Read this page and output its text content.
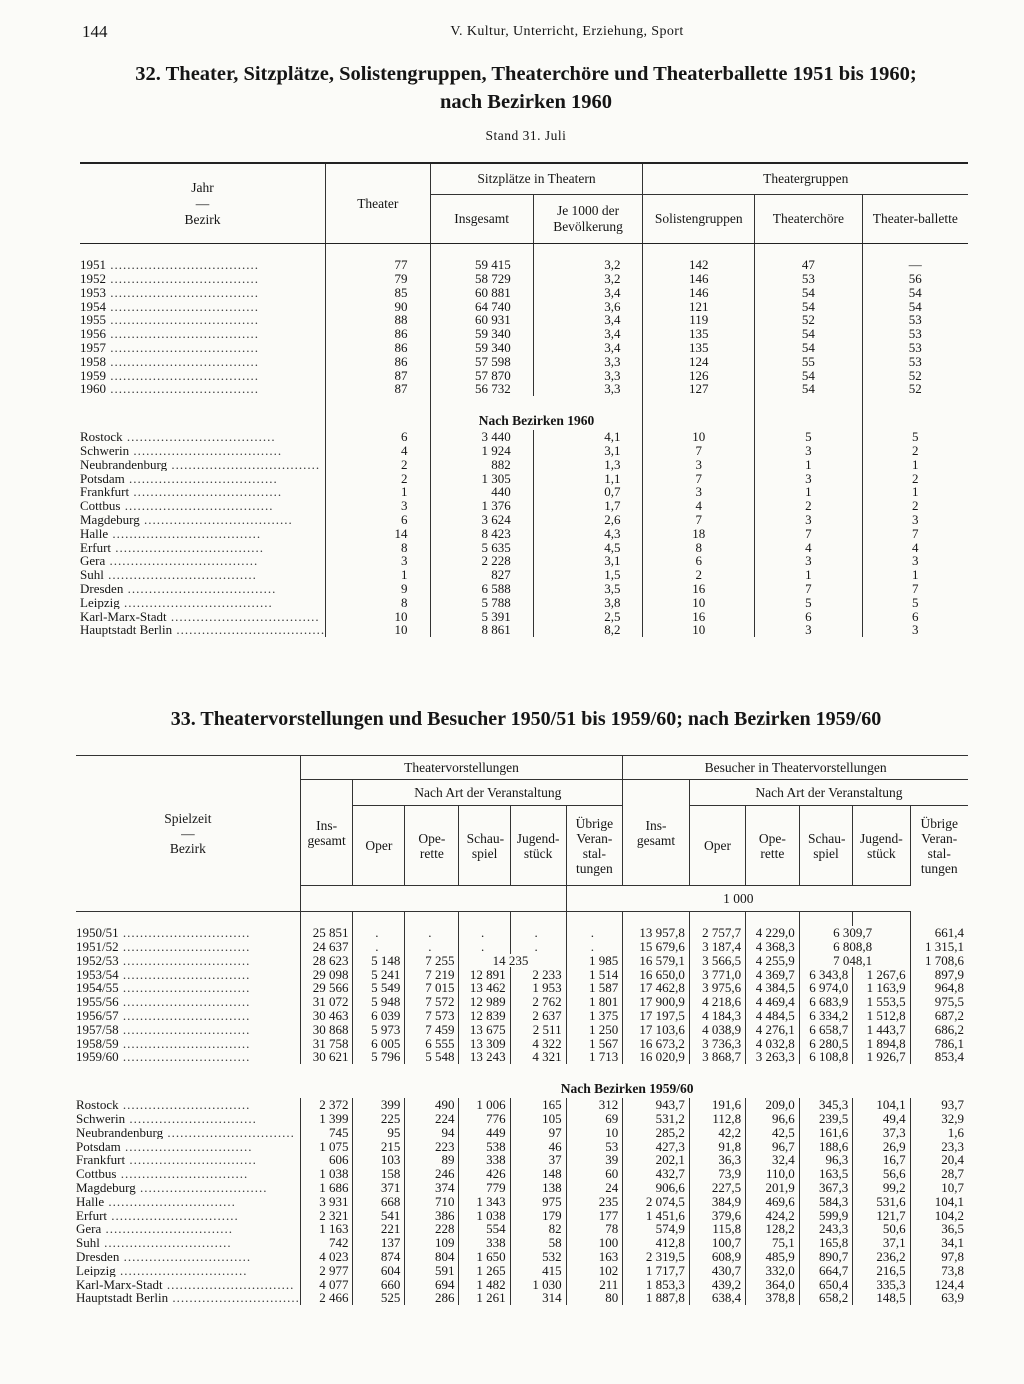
144	V. Kultur, Unterricht, Erziehung, Sport
32. Theater, Sitzplätze, Solistengruppen, Theaterchöre und Theaterballette 1951 bis 1960;
nach Bezirken 1960
Stand 31. Juli
Jahr
—
Bezirk	Theater	Sitzplätze in Theatern		Theatergruppen		
		Insgesamt	Je 1000 der Bevölkerung	Solistengruppen	Theaterchöre	Theater-ballette

1951 ...................................	77	59 415	3,2	142	47	—
1952 ...................................	79	58 729	3,2	146	53	56
1953 ...................................	85	60 881	3,4	146	54	54
1954 ...................................	90	64 740	3,6	121	54	54
1955 ...................................	88	60 931	3,4	119	52	53
1956 ...................................	86	59 340	3,4	135	54	53
1957 ...................................	86	59 340	3,4	135	54	53
1958 ...................................	86	57 598	3,3	124	55	53
1959 ...................................	87	57 870	3,3	126	54	52
1960 ...................................	87	56 732	3,3	127	54	52
		Nach Bezirken 1960				
Rostock ...................................	6	3 440	4,1	10	5	5
Schwerin ...................................	4	1 924	3,1	7	3	2
Neubrandenburg ...................................	2	882	1,3	3	1	1
Potsdam ...................................	2	1 305	1,1	7	3	2
Frankfurt ...................................	1	440	0,7	3	1	1
Cottbus ...................................	3	1 376	1,7	4	2	2
Magdeburg ...................................	6	3 624	2,6	7	3	3
Halle ...................................	14	8 423	4,3	18	7	7
Erfurt ...................................	8	5 635	4,5	8	4	4
Gera ...................................	3	2 228	3,1	6	3	3
Suhl ...................................	1	827	1,5	2	1	1
Dresden ...................................	9	6 588	3,5	16	7	7
Leipzig ...................................	8	5 788	3,8	10	5	5
Karl-Marx-Stadt ...................................	10	5 391	2,5	16	6	6
Hauptstadt Berlin ...................................	10	8 861	8,2	10	3	3
33. Theatervorstellungen und Besucher 1950/51 bis 1959/60; nach Bezirken 1959/60
Spielzeit
—
Bezirk	Theatervorstellungen						Besucher in Theatervorstellungen					
	Ins-gesamt	Nach Art der Veranstaltung					Ins-gesamt	Nach Art der Veranstaltung				
		Oper	Ope-rette	Schau-spiel	Jugend-stück	Übrige Veran-stal-tungen		Oper	Ope-rette	Schau-spiel	Jugend-stück	Übrige Veran-stal-tungen
						1 000						

1950/51 ..............................	25 851	.	.	.	.	.	13 957,8	2 757,7	4 229,0	6 309,7		661,4
1951/52 ..............................	24 637	.	.	.	.	.	15 679,6	3 187,4	4 368,3	6 808,8		1 315,1
1952/53 ..............................	28 623	5 148	7 255	14 235		1 985	16 579,1	3 566,5	4 255,9	7 048,1		1 708,6
1953/54 ..............................	29 098	5 241	7 219	12 891	2 233	1 514	16 650,0	3 771,0	4 369,7	6 343,8	1 267,6	897,9
1954/55 ..............................	29 566	5 549	7 015	13 462	1 953	1 587	17 462,8	3 975,6	4 384,5	6 974,0	1 163,9	964,8
1955/56 ..............................	31 072	5 948	7 572	12 989	2 762	1 801	17 900,9	4 218,6	4 469,4	6 683,9	1 553,5	975,5
1956/57 ..............................	30 463	6 039	7 573	12 839	2 637	1 375	17 197,5	4 184,3	4 484,5	6 334,2	1 512,8	687,2
1957/58 ..............................	30 868	5 973	7 459	13 675	2 511	1 250	17 103,6	4 038,9	4 276,1	6 658,7	1 443,7	686,2
1958/59 ..............................	31 758	6 005	6 555	13 309	4 322	1 567	16 673,2	3 736,3	4 032,8	6 280,5	1 894,8	786,1
1959/60 ..............................	30 621	5 796	5 548	13 243	4 321	1 713	16 020,9	3 868,7	3 263,3	6 108,8	1 926,7	853,4
				Nach Bezirken 1959/60								
Rostock ..............................	2 372	399	490	1 006	165	312	943,7	191,6	209,0	345,3	104,1	93,7
Schwerin ..............................	1 399	225	224	776	105	69	531,2	112,8	96,6	239,5	49,4	32,9
Neubrandenburg ..............................	745	95	94	449	97	10	285,2	42,2	42,5	161,6	37,3	1,6
Potsdam ..............................	1 075	215	223	538	46	53	427,3	91,8	96,7	188,6	26,9	23,3
Frankfurt ..............................	606	103	89	338	37	39	202,1	36,3	32,4	96,3	16,7	20,4
Cottbus ..............................	1 038	158	246	426	148	60	432,7	73,9	110,0	163,5	56,6	28,7
Magdeburg ..............................	1 686	371	374	779	138	24	906,6	227,5	201,9	367,3	99,2	10,7
Halle ..............................	3 931	668	710	1 343	975	235	2 074,5	384,9	469,6	584,3	531,6	104,1
Erfurt ..............................	2 321	541	386	1 038	179	177	1 451,6	379,6	424,2	599,9	121,7	104,2
Gera ..............................	1 163	221	228	554	82	78	574,9	115,8	128,2	243,3	50,6	36,5
Suhl ..............................	742	137	109	338	58	100	412,8	100,7	75,1	165,8	37,1	34,1
Dresden ..............................	4 023	874	804	1 650	532	163	2 319,5	608,9	485,9	890,7	236,2	97,8
Leipzig ..............................	2 977	604	591	1 265	415	102	1 717,7	430,7	332,0	664,7	216,5	73,8
Karl-Marx-Stadt ..............................	4 077	660	694	1 482	1 030	211	1 853,3	439,2	364,0	650,4	335,3	124,4
Hauptstadt Berlin ..............................	2 466	525	286	1 261	314	80	1 887,8	638,4	378,8	658,2	148,5	63,9
